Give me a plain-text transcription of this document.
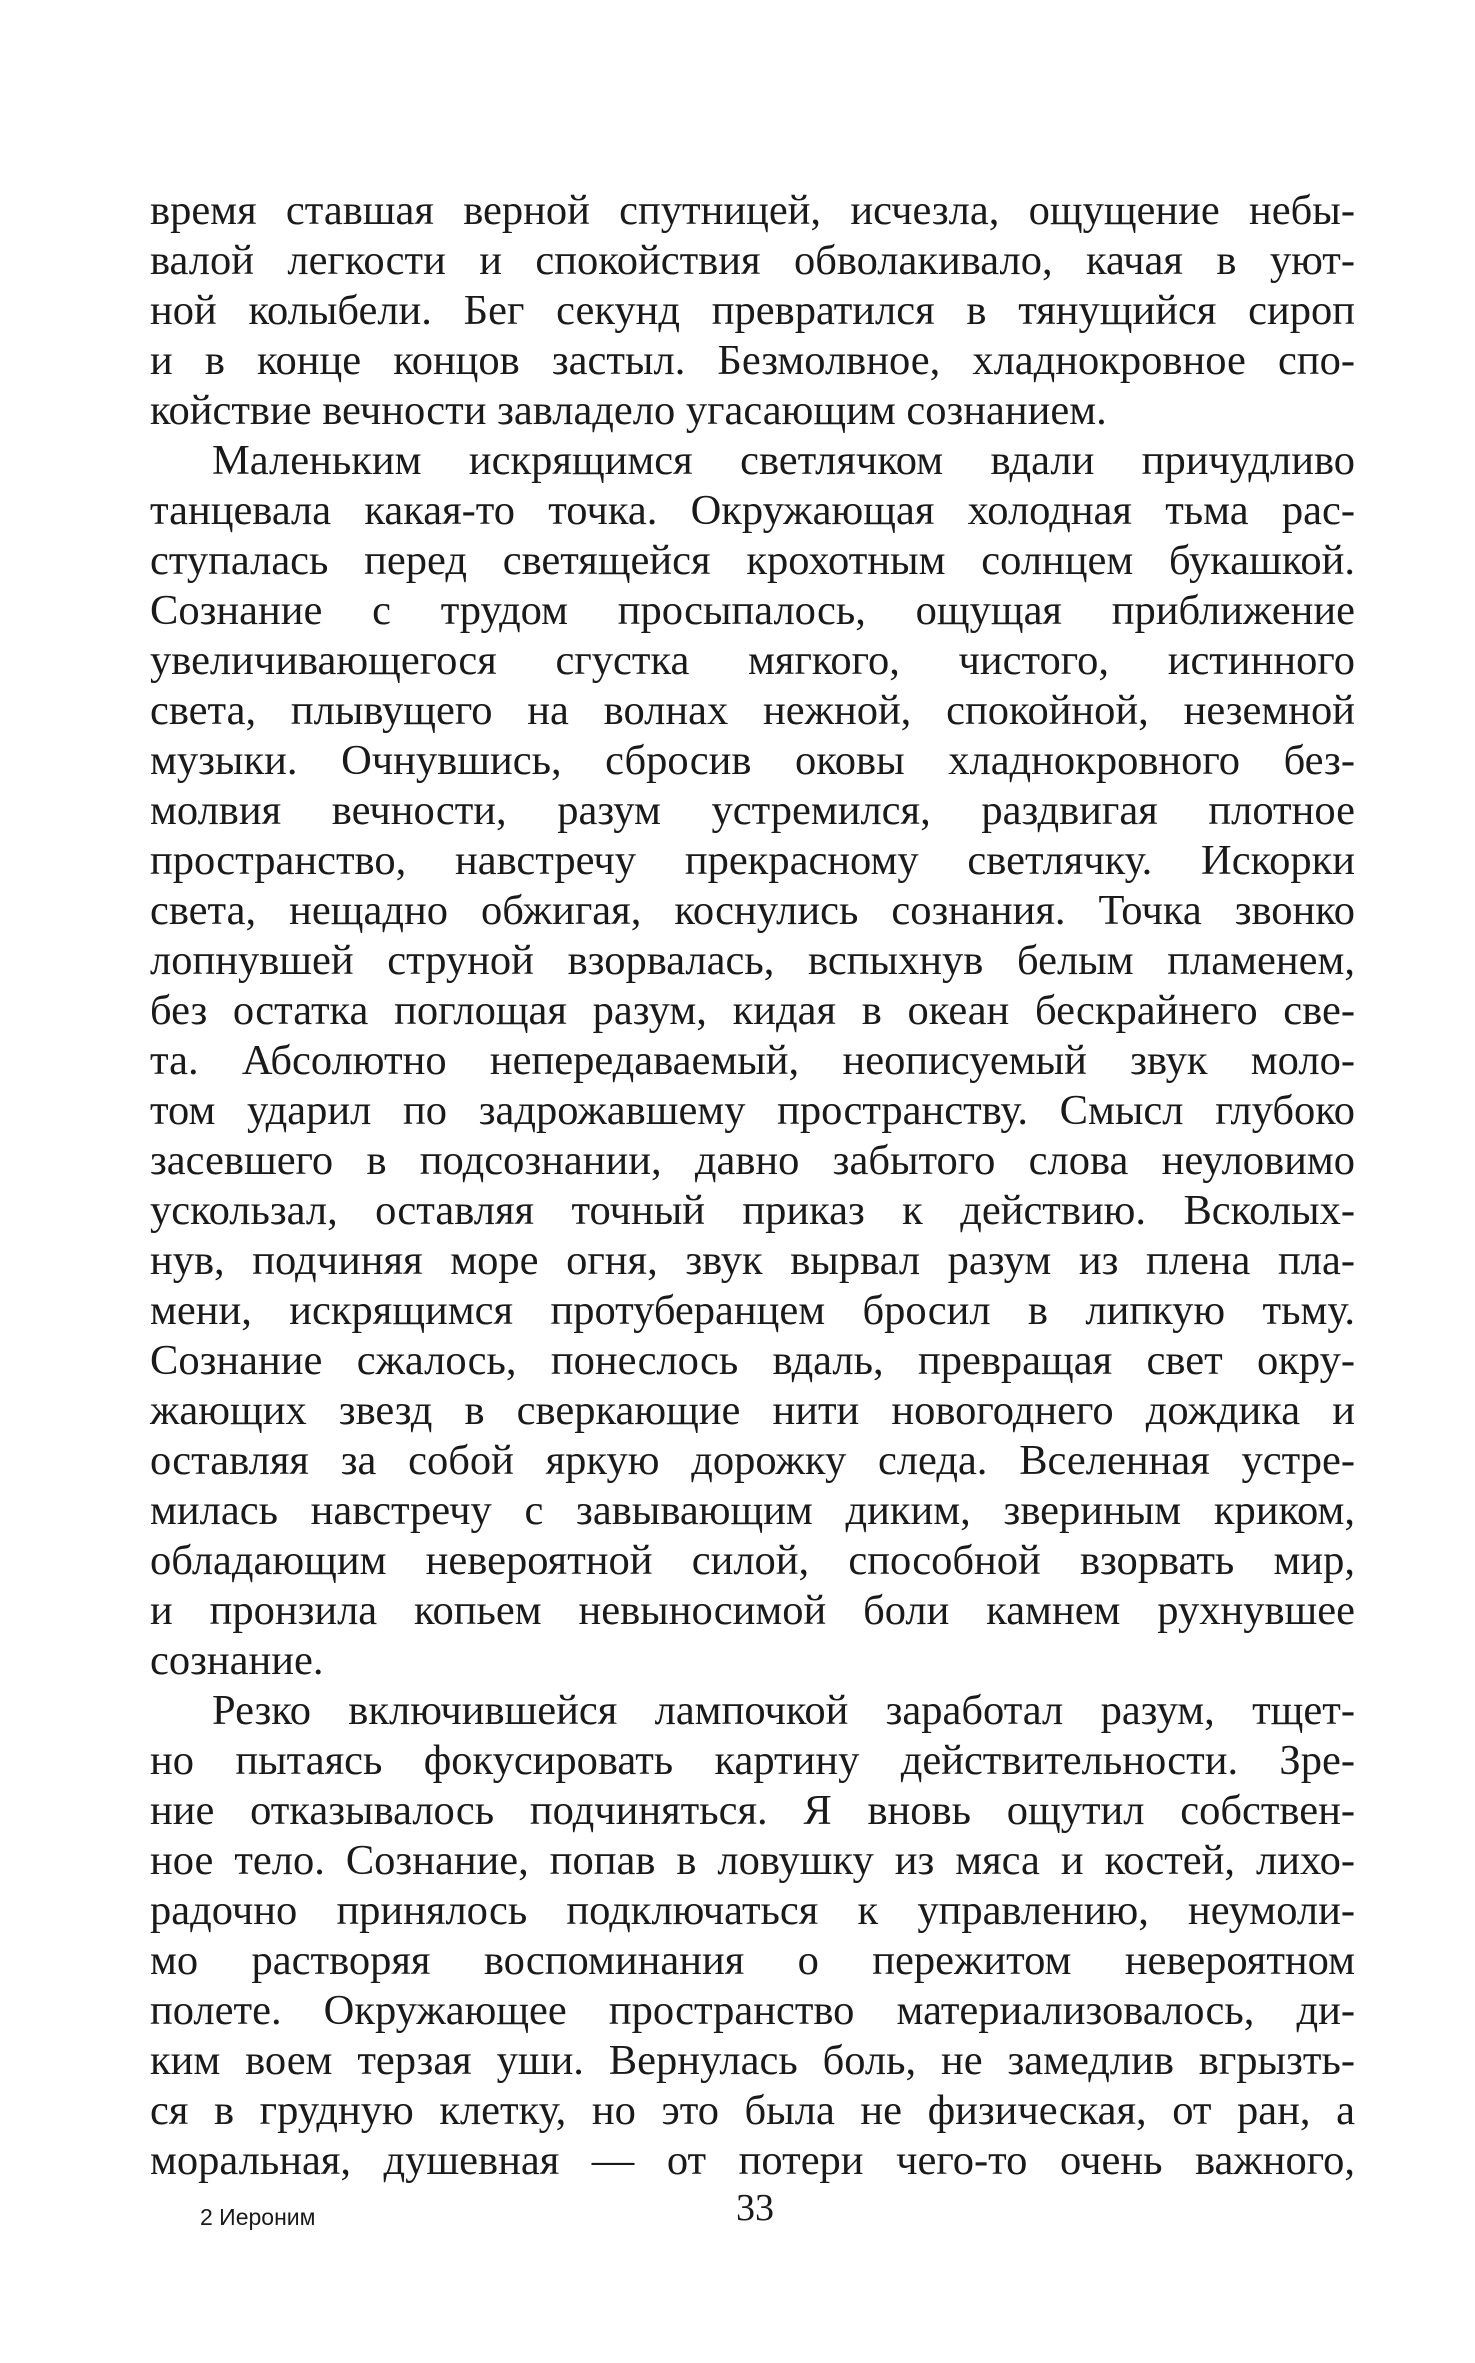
время ставшая верной спутницей, исчезла, ощущение небы-
валой легкости и спокойствия обволакивало, качая в уют-
ной колыбели. Бег секунд превратился в тянущийся сироп
и в конце концов застыл. Безмолвное, хладнокровное спо-
койствие вечности завладело угасающим сознанием.
Маленьким искрящимся светлячком вдали причудливо
танцевала какая-то точка. Окружающая холодная тьма рас-
ступалась перед светящейся крохотным солнцем букашкой.
Сознание с трудом просыпалось, ощущая приближение
увеличивающегося сгустка мягкого, чистого, истинного
света, плывущего на волнах нежной, спокойной, неземной
музыки. Очнувшись, сбросив оковы хладнокровного без-
молвия вечности, разум устремился, раздвигая плотное
пространство, навстречу прекрасному светлячку. Искорки
света, нещадно обжигая, коснулись сознания. Точка звонко
лопнувшей струной взорвалась, вспыхнув белым пламенем,
без остатка поглощая разум, кидая в океан бескрайнего све-
та. Абсолютно непередаваемый, неописуемый звук моло-
том ударил по задрожавшему пространству. Смысл глубоко
засевшего в подсознании, давно забытого слова неуловимо
ускользал, оставляя точный приказ к действию. Всколых-
нув, подчиняя море огня, звук вырвал разум из плена пла-
мени, искрящимся протуберанцем бросил в липкую тьму.
Сознание сжалось, понеслось вдаль, превращая свет окру-
жающих звезд в сверкающие нити новогоднего дождика и
оставляя за собой яркую дорожку следа. Вселенная устре-
милась навстречу с завывающим диким, звериным криком,
обладающим невероятной силой, способной взорвать мир,
и пронзила копьем невыносимой боли камнем рухнувшее
сознание.
Резко включившейся лампочкой заработал разум, тщет-
но пытаясь фокусировать картину действительности. Зре-
ние отказывалось подчиняться. Я вновь ощутил собствен-
ное тело. Сознание, попав в ловушку из мяса и костей, лихо-
радочно принялось подключаться к управлению, неумоли-
мо растворяя воспоминания о пережитом невероятном
полете. Окружающее пространство материализовалось, ди-
ким воем терзая уши. Вернулась боль, не замедлив вгрызть-
ся в грудную клетку, но это была не физическая, от ран, а
моральная, душевная — от потери чего-то очень важного,
2 Иероним	33
